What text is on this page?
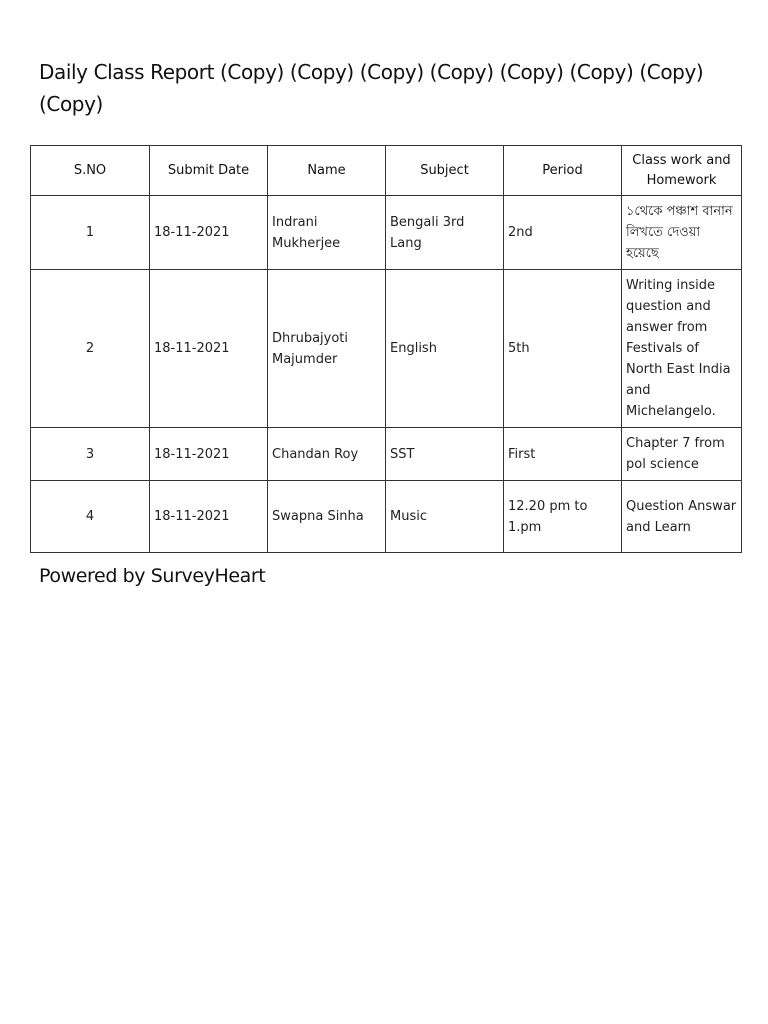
Daily Class Report (Copy) (Copy) (Copy) (Copy) (Copy) (Copy) (Copy) (Copy)
S.NO	Submit Date	Name	Subject	Period	Class work and Homework
1	18-11-2021	Indrani Mukherjee	Bengali 3rd Lang	2nd	১থেকে পঞ্চাশ বানান লিখতে দেওয়া হয়েছে
2	18-11-2021	Dhrubajyoti Majumder	English	5th	Writing inside question and answer from Festivals of North East India and Michelangelo.
3	18-11-2021	Chandan Roy	SST	First	Chapter 7 from pol science
4	18-11-2021	Swapna Sinha	Music	12.20 pm to 1.pm	Question Answar and Learn
Powered by SurveyHeart
